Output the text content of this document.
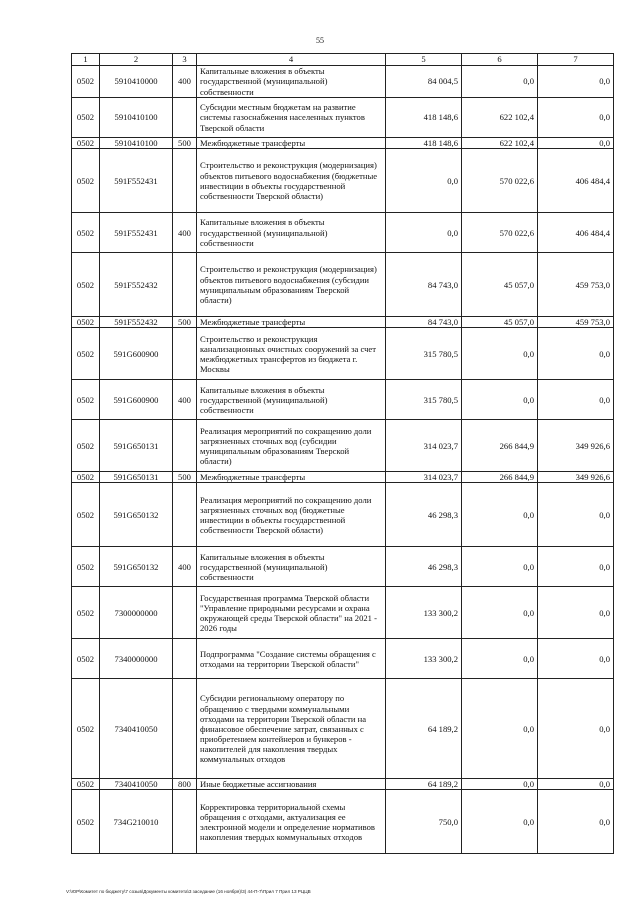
55
1	2	3	4	5	6	7
0502	5910410000	400	Капитальные вложения в объекты государственной (муниципальной) собственности	84 004,5	0,0	0,0
0502	5910410100		Субсидии местным бюджетам на развитие системы газоснабжения населенных пунктов Тверской области	418 148,6	622 102,4	0,0
0502	5910410100	500	Межбюджетные трансферты	418 148,6	622 102,4	0,0
0502	591F552431		Строительство и реконструкция (модернизация) объектов питьевого водоснабжения (бюджетные инвестиции в объекты государственной собственности Тверской области)	0,0	570 022,6	406 484,4
0502	591F552431	400	Капитальные вложения в объекты государственной (муниципальной) собственности	0,0	570 022,6	406 484,4
0502	591F552432		Строительство и реконструкция (модернизация) объектов питьевого водоснабжения (субсидии муниципальным образованиям Тверской области)	84 743,0	45 057,0	459 753,0
0502	591F552432	500	Межбюджетные трансферты	84 743,0	45 057,0	459 753,0
0502	591G600900		Строительство и реконструкция канализационных очистных сооружений за счет межбюджетных трансфертов из бюджета г. Москвы	315 780,5	0,0	0,0
0502	591G600900	400	Капитальные вложения в объекты государственной (муниципальной) собственности	315 780,5	0,0	0,0
0502	591G650131		Реализация мероприятий по сокращению доли загрязненных сточных вод (субсидии муниципальным образованиям Тверской области)	314 023,7	266 844,9	349 926,6
0502	591G650131	500	Межбюджетные трансферты	314 023,7	266 844,9	349 926,6
0502	591G650132		Реализация мероприятий по сокращению доли загрязненных сточных вод (бюджетные инвестиции в объекты государственной собственности Тверской области)	46 298,3	0,0	0,0
0502	591G650132	400	Капитальные вложения в объекты государственной (муниципальной) собственности	46 298,3	0,0	0,0
0502	7300000000		Государственная программа Тверской области "Управление природными ресурсами и охрана окружающей среды Тверской области" на 2021 - 2026 годы	133 300,2	0,0	0,0
0502	7340000000		Подпрограмма "Создание системы обращения с отходами на территории Тверской области"	133 300,2	0,0	0,0
0502	7340410050		Субсидии региональному оператору по обращению с твердыми коммунальными отходами на территории Тверской области на финансовое обеспечение затрат, связанных с приобретением контейнеров и бункеров - накопителей для накопления твердых коммунальных отходов	64 189,2	0,0	0,0
0502	7340410050	800	Иные бюджетные ассигнования	64 189,2	0,0	0,0
0502	734G210010		Корректировка территориальной схемы обращения с отходами, актуализация ее электронной модели и определение нормативов накопления твердых коммунальных отходов	750,0	0,0	0,0
V:\ЮР\Комитет по бюджету\7 созыв\Документы комитета\3 заседание (16 ноября)\3) 44-П-7\Прил 7 Прил 13 РЦЦВ
